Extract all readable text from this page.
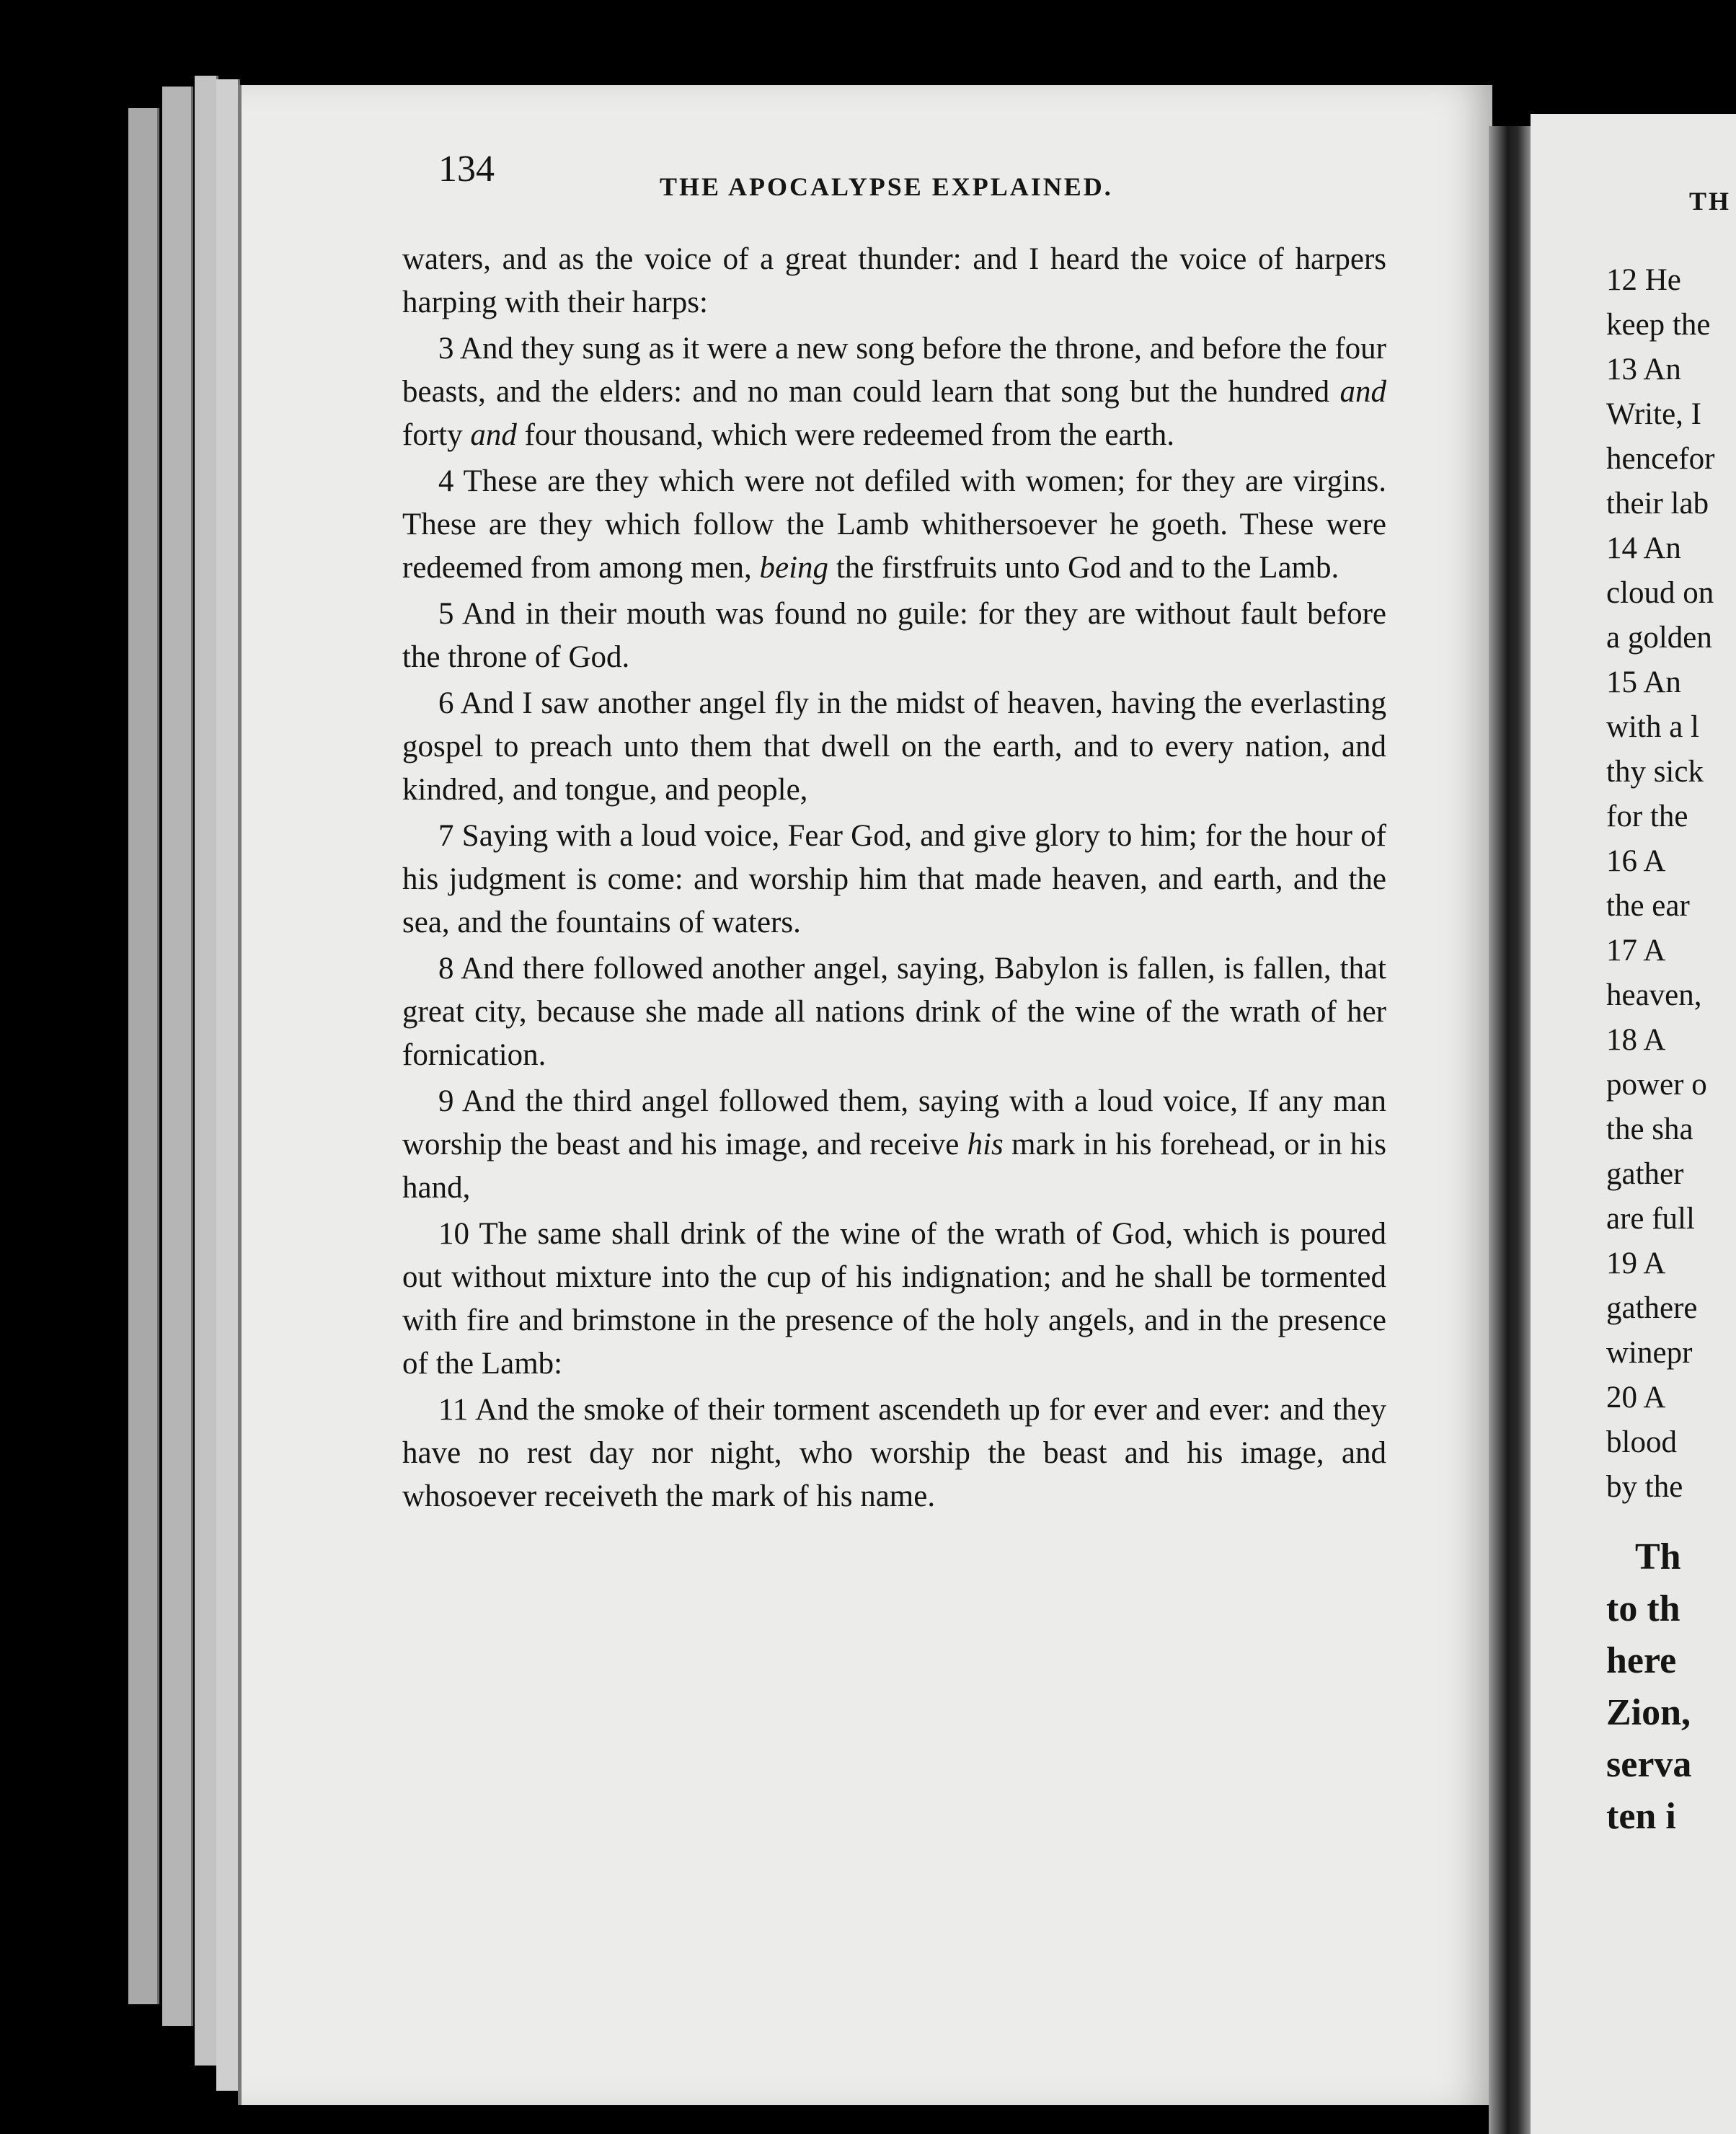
134	THE APOCALYPSE EXPLAINED.

waters, and as the voice of a great thunder: and I heard the voice of harpers harping with their harps:

3 And they sung as it were a new song before the throne, and before the four beasts, and the elders: and no man could learn that song but the hundred and forty and four thousand, which were redeemed from the earth.

4 These are they which were not defiled with women; for they are virgins. These are they which follow the Lamb whithersoever he goeth. These were redeemed from among men, being the firstfruits unto God and to the Lamb.

5 And in their mouth was found no guile: for they are without fault before the throne of God.

6 And I saw another angel fly in the midst of heaven, having the everlasting gospel to preach unto them that dwell on the earth, and to every nation, and kindred, and tongue, and people,

7 Saying with a loud voice, Fear God, and give glory to him; for the hour of his judgment is come: and worship him that made heaven, and earth, and the sea, and the fountains of waters.

8 And there followed another angel, saying, Babylon is fallen, is fallen, that great city, because she made all nations drink of the wine of the wrath of her fornication.

9 And the third angel followed them, saying with a loud voice, If any man worship the beast and his image, and receive his mark in his forehead, or in his hand,

10 The same shall drink of the wine of the wrath of God, which is poured out without mixture into the cup of his indignation; and he shall be tormented with fire and brimstone in the presence of the holy angels, and in the presence of the Lamb:

11 And the smoke of their torment ascendeth up for ever and ever: and they have no rest day nor night, who worship the beast and his image, and whosoever receiveth the mark of his name.

TH
12 He
keep the
13 An
Write, I
hencefor
their lab
14 An
cloud on
a golden
15 An
with a l
thy sick
for the
16 A
the ear
17 A
heaven,
18 A
power o
the sha
gather
are full
19 A
gathere
winepr
20 A
blood
by the
Th
to th
here
Zion,
serva
ten i
